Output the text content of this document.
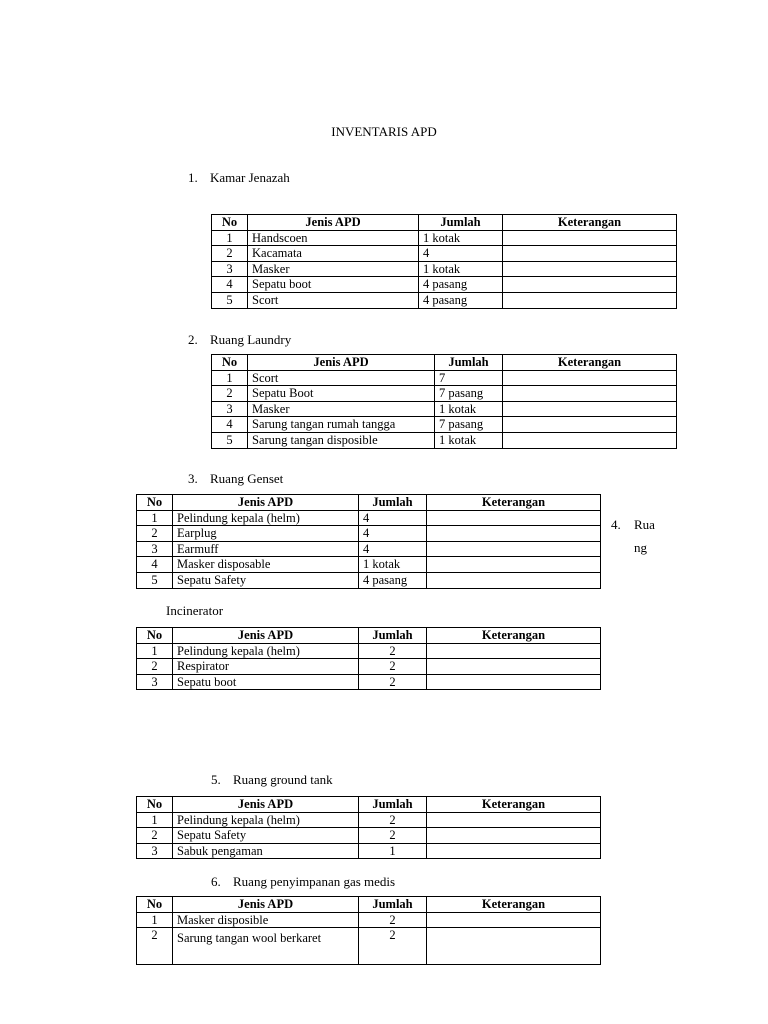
INVENTARIS APD
1. Kamar Jenazah
No	Jenis APD	Jumlah	Keterangan
1	Handscoen	1 kotak	
2	Kacamata	4	
3	Masker	1 kotak	
4	Sepatu boot	4 pasang	
5	Scort	4 pasang	
2. Ruang Laundry
No	Jenis APD	Jumlah	Keterangan
1	Scort	7	
2	Sepatu Boot	7 pasang	
3	Masker	1 kotak	
4	Sarung tangan rumah tangga	7 pasang	
5	Sarung tangan disposible	1 kotak	
3. Ruang Genset
No	Jenis APD	Jumlah	Keterangan
1	Pelindung kepala (helm)	4	
2	Earplug	4	
3	Earmuff	4	
4	Masker disposable	1 kotak	
5	Sepatu Safety	4 pasang	
4. Rua
ng
Incinerator
No	Jenis APD	Jumlah	Keterangan
1	Pelindung kepala (helm)	2	
2	Respirator	2	
3	Sepatu boot	2	
5. Ruang ground tank
No	Jenis APD	Jumlah	Keterangan
1	Pelindung kepala (helm)	2	
2	Sepatu Safety	2	
3	Sabuk pengaman	1	
6. Ruang penyimpanan gas medis
No	Jenis APD	Jumlah	Keterangan
1	Masker disposible	2	
2	Sarung tangan wool berkaret	2	
